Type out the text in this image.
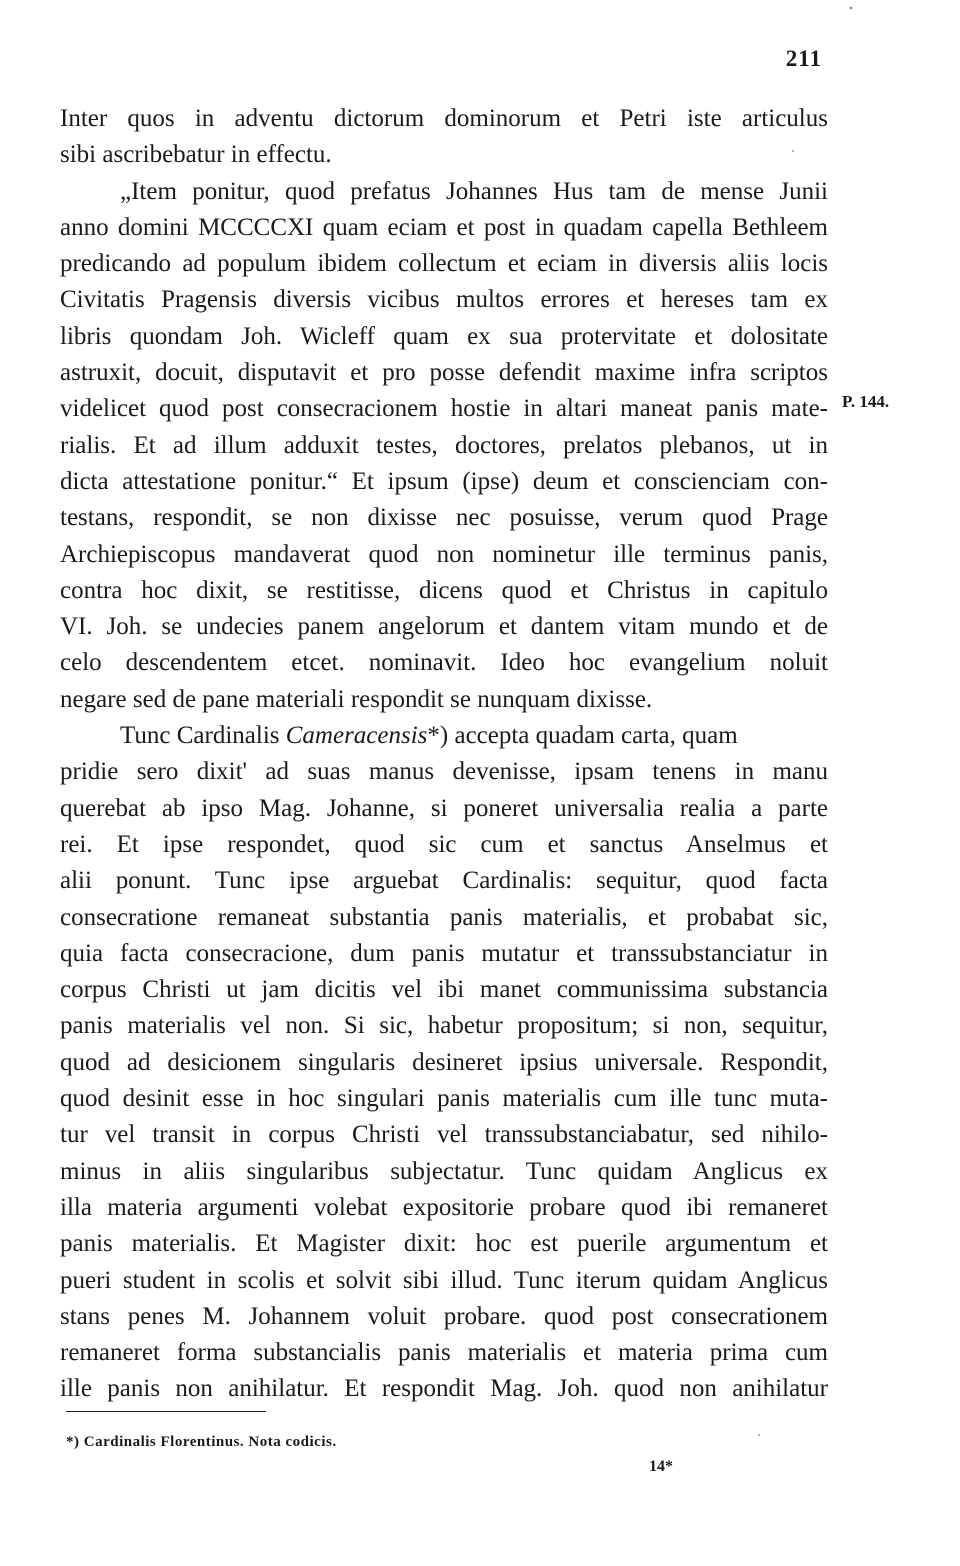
211
Inter quos in adventu dictorum dominorum et Petri iste articulus
sibi ascribebatur in effectu.
„Item ponitur, quod prefatus Johannes Hus tam de mense Junii
anno domini MCCCCXI quam eciam et post in quadam capella Bethleem
predicando ad populum ibidem collectum et eciam in diversis aliis locis
Civitatis Pragensis diversis vicibus multos errores et hereses tam ex
libris quondam Joh. Wicleff quam ex sua protervitate et dolositate
astruxit, docuit, disputavit et pro posse defendit maxime infra scriptos
videlicet quod post consecracionem hostie in altari maneat panis mate-
rialis. Et ad illum adduxit testes, doctores, prelatos plebanos, ut in
dicta attestatione ponitur.“ Et ipsum (ipse) deum et conscienciam con-
testans, respondit, se non dixisse nec posuisse, verum quod Prage
Archiepiscopus mandaverat quod non nominetur ille terminus panis,
contra hoc dixit, se restitisse, dicens quod et Christus in capitulo
VI. Joh. se undecies panem angelorum et dantem vitam mundo et de
celo descendentem etcet. nominavit. Ideo hoc evangelium noluit
negare sed de pane materiali respondit se nunquam dixisse.
Tunc Cardinalis Cameracensis*) accepta quadam carta, quam
pridie sero dixit' ad suas manus devenisse, ipsam tenens in manu
querebat ab ipso Mag. Johanne, si poneret universalia realia a parte
rei. Et ipse respondet, quod sic cum et sanctus Anselmus et
alii ponunt. Tunc ipse arguebat Cardinalis: sequitur, quod facta
consecratione remaneat substantia panis materialis, et probabat sic,
quia facta consecracione, dum panis mutatur et transsubstanciatur in
corpus Christi ut jam dicitis vel ibi manet communissima substancia
panis materialis vel non. Si sic, habetur propositum; si non, sequitur,
quod ad desicionem singularis desineret ipsius universale. Respondit,
quod desinit esse in hoc singulari panis materialis cum ille tunc muta-
tur vel transit in corpus Christi vel transsubstanciabatur, sed nihilo-
minus in aliis singularibus subjectatur. Tunc quidam Anglicus ex
illa materia argumenti volebat expositorie probare quod ibi remaneret
panis materialis. Et Magister dixit: hoc est puerile argumentum et
pueri student in scolis et solvit sibi illud. Tunc iterum quidam Anglicus
stans penes M. Johannem voluit probare. quod post consecrationem
remaneret forma substancialis panis materialis et materia prima cum
ille panis non anihilatur. Et respondit Mag. Joh. quod non anihilatur
P. 144.
*) Cardinalis Florentinus. Nota codicis.
14*
